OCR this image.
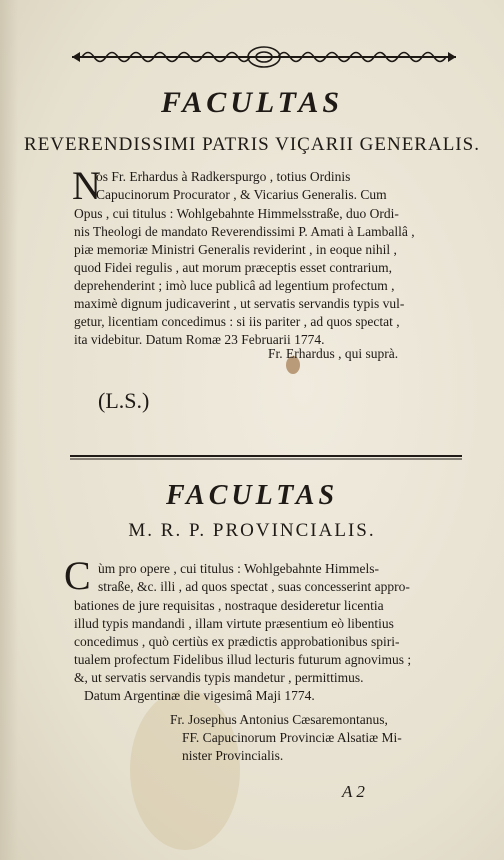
FACULTAS
REVERENDISSIMI PATRIS VIÇARII GENERALIS.
N
os Fr. Erhardus à Radkerspurgo , totius Ordinis
Capucinorum Procurator , & Vicarius Generalis. Cum
Opus , cui titulus : Wohlgebahnte Himmelsstraße, duo Ordi-
nis Theologi de mandato Reverendissimi P. Amati à Lamballâ ,
piæ memoriæ Ministri Generalis reviderint , in eoque nihil ,
quod Fidei regulis , aut morum præceptis esset contrarium,
deprehenderint ; imò luce publicâ ad legentium profectum ,
maximè dignum judicaverint , ut servatis servandis typis vul-
getur, licentiam concedimus : si iis pariter , ad quos spectat ,
ita videbitur. Datum Romæ 23 Februarii 1774.
Fr. Erhardus , qui suprà.
(L.S.)
FACULTAS
M. R. P. PROVINCIALIS.
C ùm pro opere , cui titulus : Wohlgebahnte Himmels-
straße, &c. illi , ad quos spectat , suas concesserint appro-
bationes de jure requisitas , nostraque desideretur licentia
illud typis mandandi , illam virtute præsentium eò libentius
concedimus , quò certiùs ex prædictis approbationibus spiri-
tualem profectum Fidelibus illud lecturis futurum agnovimus ;
&, ut servatis servandis typis mandetur , permittimus.
Datum Argentinæ die vigesimâ Maji 1774.
Fr. Josephus Antonius Cæsaremontanus,
FF. Capucinorum Provinciæ Alsatiæ Mi-
nister Provincialis.
A 2
